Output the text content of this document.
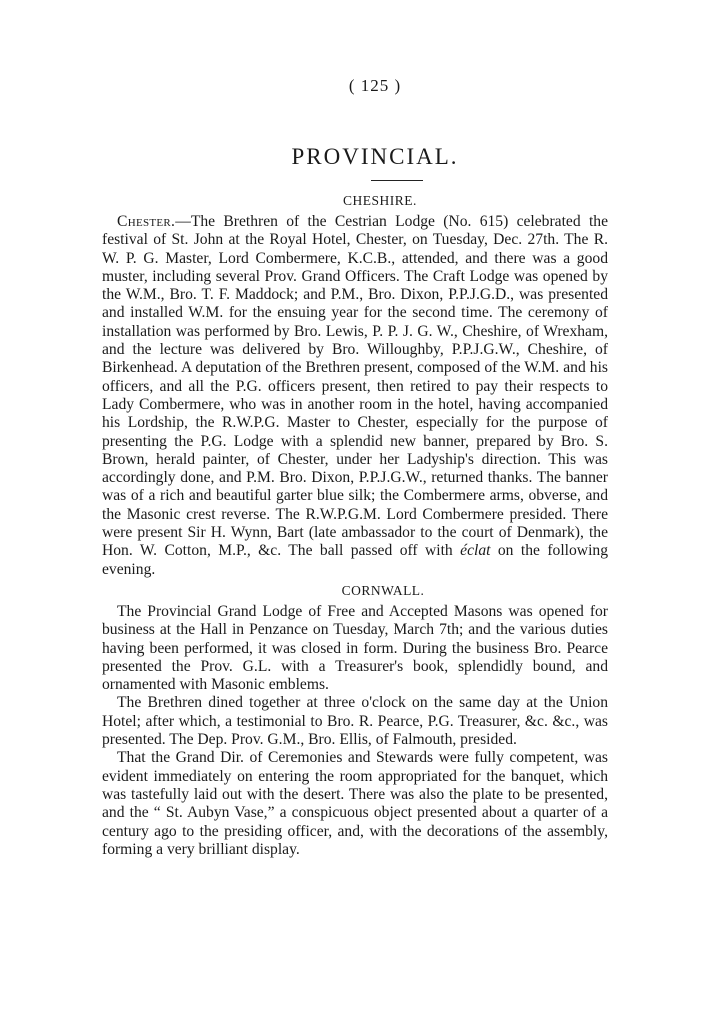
( 125 )
PROVINCIAL.
CHESHIRE.

Chester.—The Brethren of the Cestrian Lodge (No. 615) celebrated the festival of St. John at the Royal Hotel, Chester, on Tuesday, Dec. 27th. The R. W. P. G. Master, Lord Combermere, K.C.B., attended, and there was a good muster, including several Prov. Grand Officers. The Craft Lodge was opened by the W.M., Bro. T. F. Maddock; and P.M., Bro. Dixon, P.P.J.G.D., was presented and installed W.M. for the ensuing year for the second time. The ceremony of installation was performed by Bro. Lewis, P. P. J. G. W., Cheshire, of Wrexham, and the lecture was delivered by Bro. Willoughby, P.P.J.G.W., Cheshire, of Birkenhead. A deputation of the Brethren present, composed of the W.M. and his officers, and all the P.G. officers present, then retired to pay their respects to Lady Combermere, who was in another room in the hotel, having accompanied his Lordship, the R.W.P.G. Master to Chester, especially for the purpose of presenting the P.G. Lodge with a splendid new banner, prepared by Bro. S. Brown, herald painter, of Chester, under her Ladyship's direction. This was accordingly done, and P.M. Bro. Dixon, P.P.J.G.W., returned thanks. The banner was of a rich and beautiful garter blue silk; the Combermere arms, obverse, and the Masonic crest reverse. The R.W.P.G.M. Lord Combermere presided. There were present Sir H. Wynn, Bart (late ambassador to the court of Denmark), the Hon. W. Cotton, M.P., &c. The ball passed off with éclat on the following evening.

CORNWALL.

The Provincial Grand Lodge of Free and Accepted Masons was opened for business at the Hall in Penzance on Tuesday, March 7th; and the various duties having been performed, it was closed in form. During the business Bro. Pearce presented the Prov. G.L. with a Treasurer's book, splendidly bound, and ornamented with Masonic emblems.

The Brethren dined together at three o'clock on the same day at the Union Hotel; after which, a testimonial to Bro. R. Pearce, P.G. Treasurer, &c. &c., was presented. The Dep. Prov. G.M., Bro. Ellis, of Falmouth, presided.

That the Grand Dir. of Ceremonies and Stewards were fully competent, was evident immediately on entering the room appropriated for the banquet, which was tastefully laid out with the desert. There was also the plate to be presented, and the “ St. Aubyn Vase,” a conspicuous object presented about a quarter of a century ago to the presiding officer, and, with the decorations of the assembly, forming a very brilliant display.
